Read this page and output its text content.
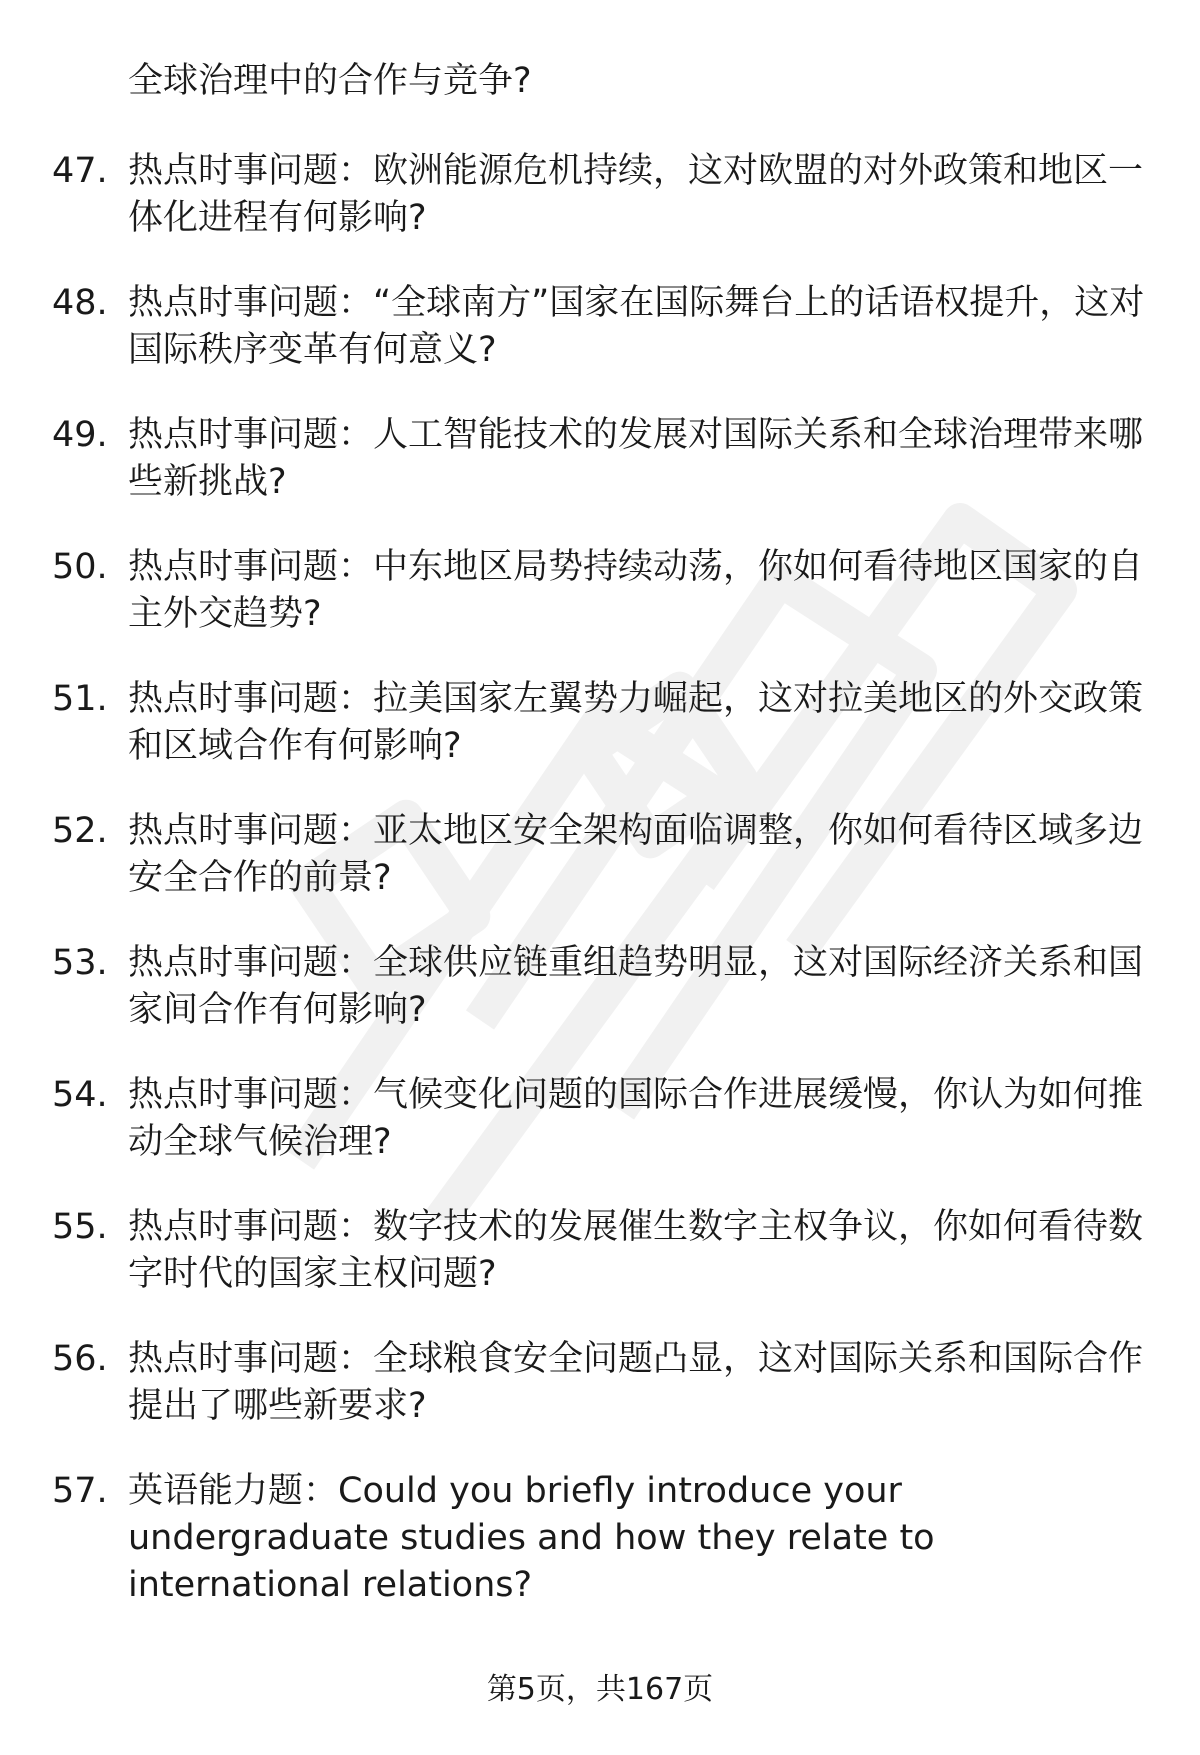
全球治理中的合作与竞争?

47. 热点时事问题：欧洲能源危机持续，这对欧盟的对外政策和地区一体化进程有何影响?
48. 热点时事问题：“全球南方”国家在国际舞台上的话语权提升，这对国际秩序变革有何意义?
49. 热点时事问题：人工智能技术的发展对国际关系和全球治理带来哪些新挑战?
50. 热点时事问题：中东地区局势持续动荡，你如何看待地区国家的自主外交趋势?
51. 热点时事问题：拉美国家左翼势力崛起，这对拉美地区的外交政策和区域合作有何影响?
52. 热点时事问题：亚太地区安全架构面临调整，你如何看待区域多边安全合作的前景?
53. 热点时事问题：全球供应链重组趋势明显，这对国际经济关系和国家间合作有何影响?
54. 热点时事问题：气候变化问题的国际合作进展缓慢，你认为如何推动全球气候治理?
55. 热点时事问题：数字技术的发展催生数字主权争议，你如何看待数字时代的国家主权问题?
56. 热点时事问题：全球粮食安全问题凸显，这对国际关系和国际合作提出了哪些新要求?
57. 英语能力题：Could you briefly introduce your undergraduate studies and how they relate to international relations?
第5页，共167页
